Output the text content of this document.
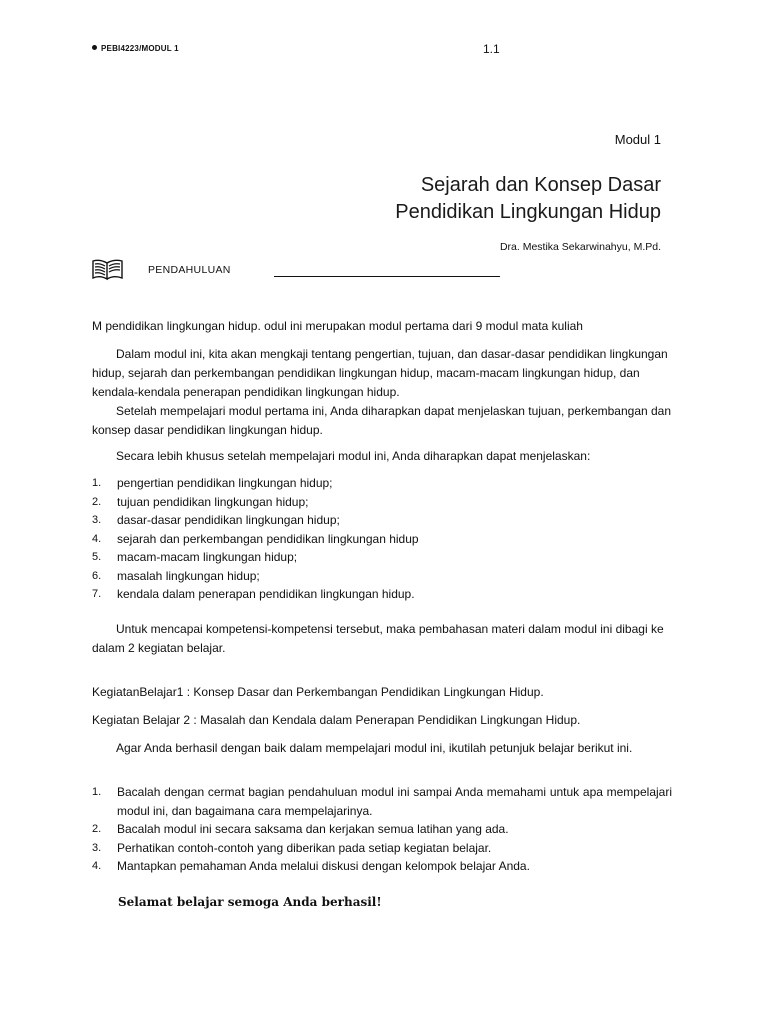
PEBI4223/MODUL 1	1.1
Modul 1
Sejarah dan Konsep Dasar
Pendidikan Lingkungan Hidup
Dra. Mestika Sekarwinahyu, M.Pd.
PENDAHULUAN
M pendidikan lingkungan hidup. odul ini merupakan modul pertama dari 9 modul mata kuliah
Dalam modul ini, kita akan mengkaji tentang pengertian, tujuan, dan dasar-dasar pendidikan lingkungan hidup, sejarah dan perkembangan pendidikan lingkungan hidup, macam-macam lingkungan hidup, dan kendala-kendala penerapan pendidikan lingkungan hidup.
Setelah mempelajari modul pertama ini, Anda diharapkan dapat menjelaskan tujuan, perkembangan dan konsep dasar pendidikan lingkungan hidup.
Secara lebih khusus setelah mempelajari modul ini, Anda diharapkan dapat menjelaskan:
1. pengertian pendidikan lingkungan hidup;
2. tujuan pendidikan lingkungan hidup;
3. dasar-dasar pendidikan lingkungan hidup;
4. sejarah dan perkembangan pendidikan lingkungan hidup
5. macam-macam lingkungan hidup;
6. masalah lingkungan hidup;
7. kendala dalam penerapan pendidikan lingkungan hidup.
Untuk mencapai kompetensi-kompetensi tersebut, maka pembahasan materi dalam modul ini dibagi ke dalam 2 kegiatan belajar.
KegiatanBelajar1 : Konsep Dasar dan Perkembangan Pendidikan Lingkungan Hidup.
Kegiatan Belajar 2 : Masalah dan Kendala dalam Penerapan Pendidikan Lingkungan Hidup.
Agar Anda berhasil dengan baik dalam mempelajari modul ini, ikutilah petunjuk belajar berikut ini.
1. Bacalah dengan cermat bagian pendahuluan modul ini sampai Anda memahami untuk apa mempelajari modul ini, dan bagaimana cara mempelajarinya.
2. Bacalah modul ini secara saksama dan kerjakan semua latihan yang ada.
3. Perhatikan contoh-contoh yang diberikan pada setiap kegiatan belajar.
4. Mantapkan pemahaman Anda melalui diskusi dengan kelompok belajar Anda.
Selamat belajar semoga Anda berhasil!
